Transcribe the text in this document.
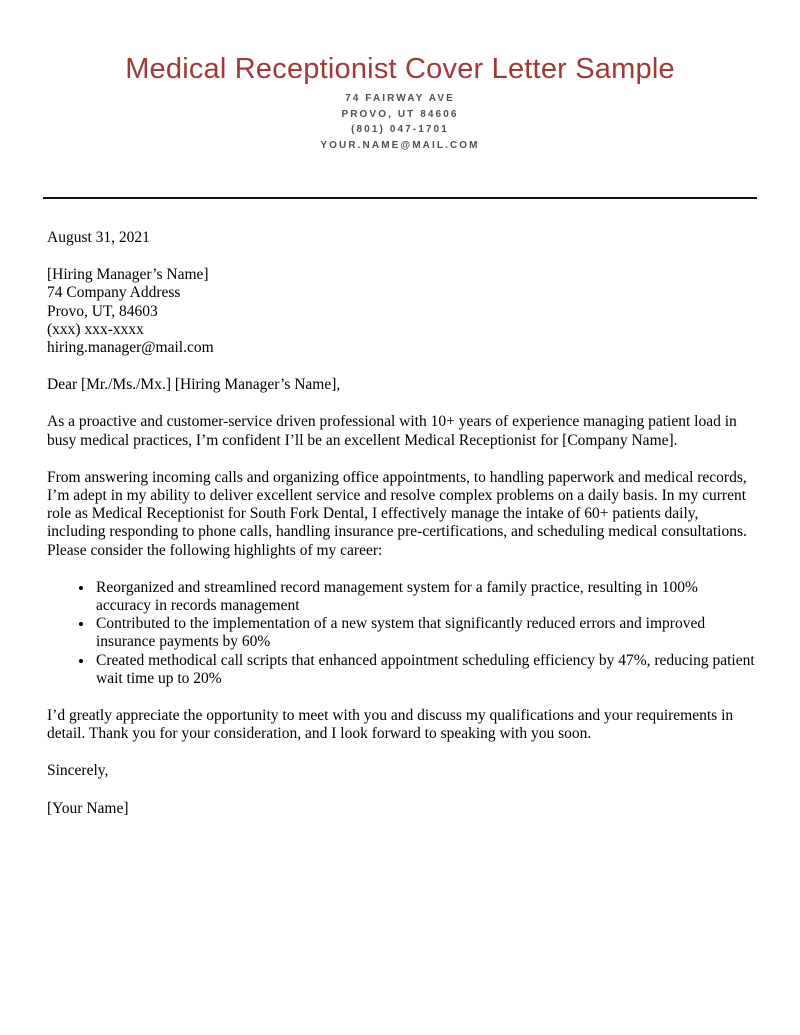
Medical Receptionist Cover Letter Sample
74 FAIRWAY AVE
PROVO, UT 84606
(801) 047-1701
YOUR.NAME@MAIL.COM

August 31, 2021

[Hiring Manager’s Name]
74 Company Address
Provo, UT, 84603
(xxx) xxx-xxxx
hiring.manager@mail.com

Dear [Mr./Ms./Mx.] [Hiring Manager’s Name],

As a proactive and customer-service driven professional with 10+ years of experience managing patient load in busy medical practices, I’m confident I’ll be an excellent Medical Receptionist for [Company Name].

From answering incoming calls and organizing office appointments, to handling paperwork and medical records, I’m adept in my ability to deliver excellent service and resolve complex problems on a daily basis. In my current role as Medical Receptionist for South Fork Dental, I effectively manage the intake of 60+ patients daily, including responding to phone calls, handling insurance pre-certifications, and scheduling medical consultations. Please consider the following highlights of my career:

• Reorganized and streamlined record management system for a family practice, resulting in 100% accuracy in records management
• Contributed to the implementation of a new system that significantly reduced errors and improved insurance payments by 60%
• Created methodical call scripts that enhanced appointment scheduling efficiency by 47%, reducing patient wait time up to 20%

I’d greatly appreciate the opportunity to meet with you and discuss my qualifications and your requirements in detail. Thank you for your consideration, and I look forward to speaking with you soon.

Sincerely,

[Your Name]
